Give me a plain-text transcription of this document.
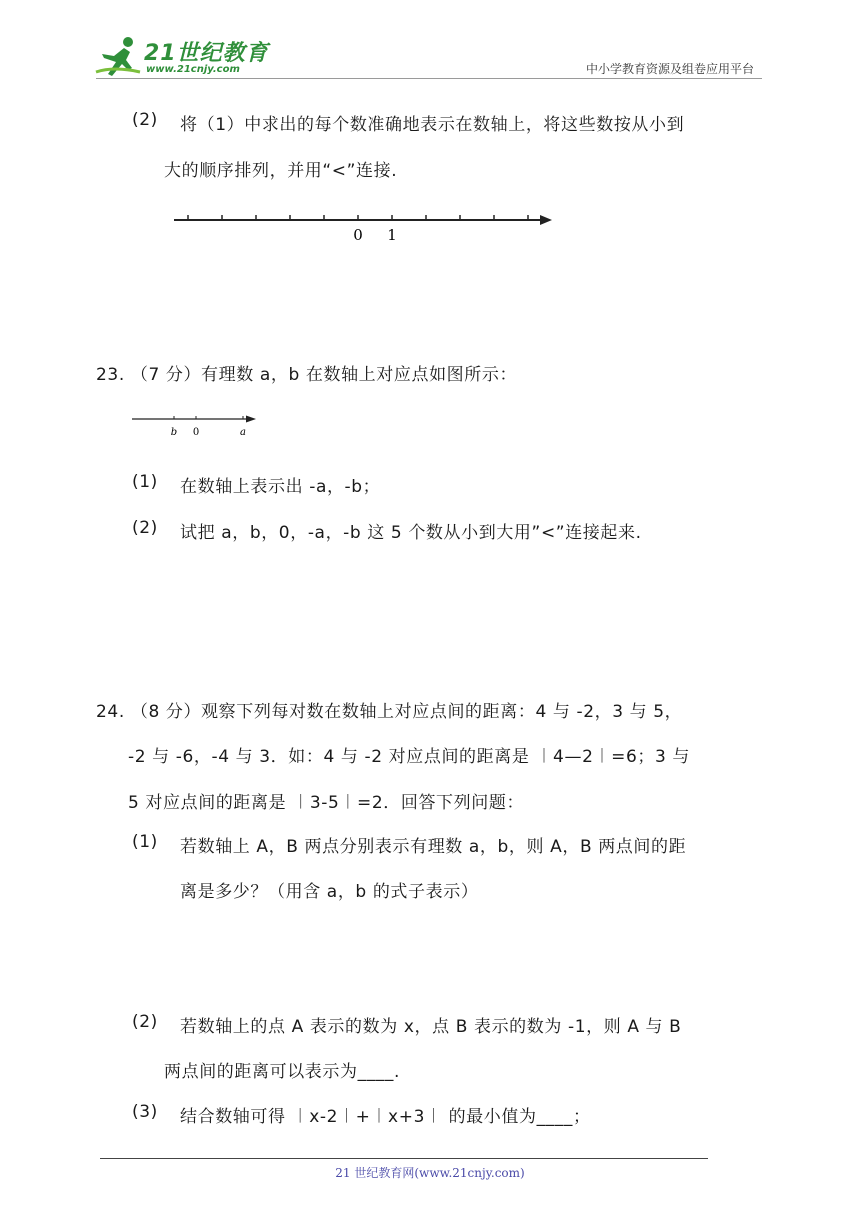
21世纪教育
www.21cnjy.com	中小学教育资源及组卷应用平台
(2) 将（1）中求出的每个数准确地表示在数轴上，将这些数按从小到
大的顺序排列，并用“<”连接.
0 1
23. （7 分）有理数 a，b 在数轴上对应点如图所示：
b 0	a
(1) 在数轴上表示出 -a，-b；
(2) 试把 a，b，0，-a，-b 这 5 个数从小到大用”<”连接起来.
24. （8 分）观察下列每对数在数轴上对应点间的距离：4 与 -2，3 与 5，
-2 与 -6，-4 与 3．如：4 与 -2 对应点间的距离是 ︱4—2︱=6；3 与
5 对应点间的距离是 ︱3-5︱=2．回答下列问题：
(1) 若数轴上 A，B 两点分别表示有理数 a，b，则 A，B 两点间的距
离是多少？（用含 a，b 的式子表示）
(2) 若数轴上的点 A 表示的数为 x，点 B 表示的数为 -1，则 A 与 B
两点间的距离可以表示为____.
(3) 结合数轴可得 ︱x-2︱+︱x+3︱ 的最小值为____；
21 世纪教育网(www.21cnjy.com)
